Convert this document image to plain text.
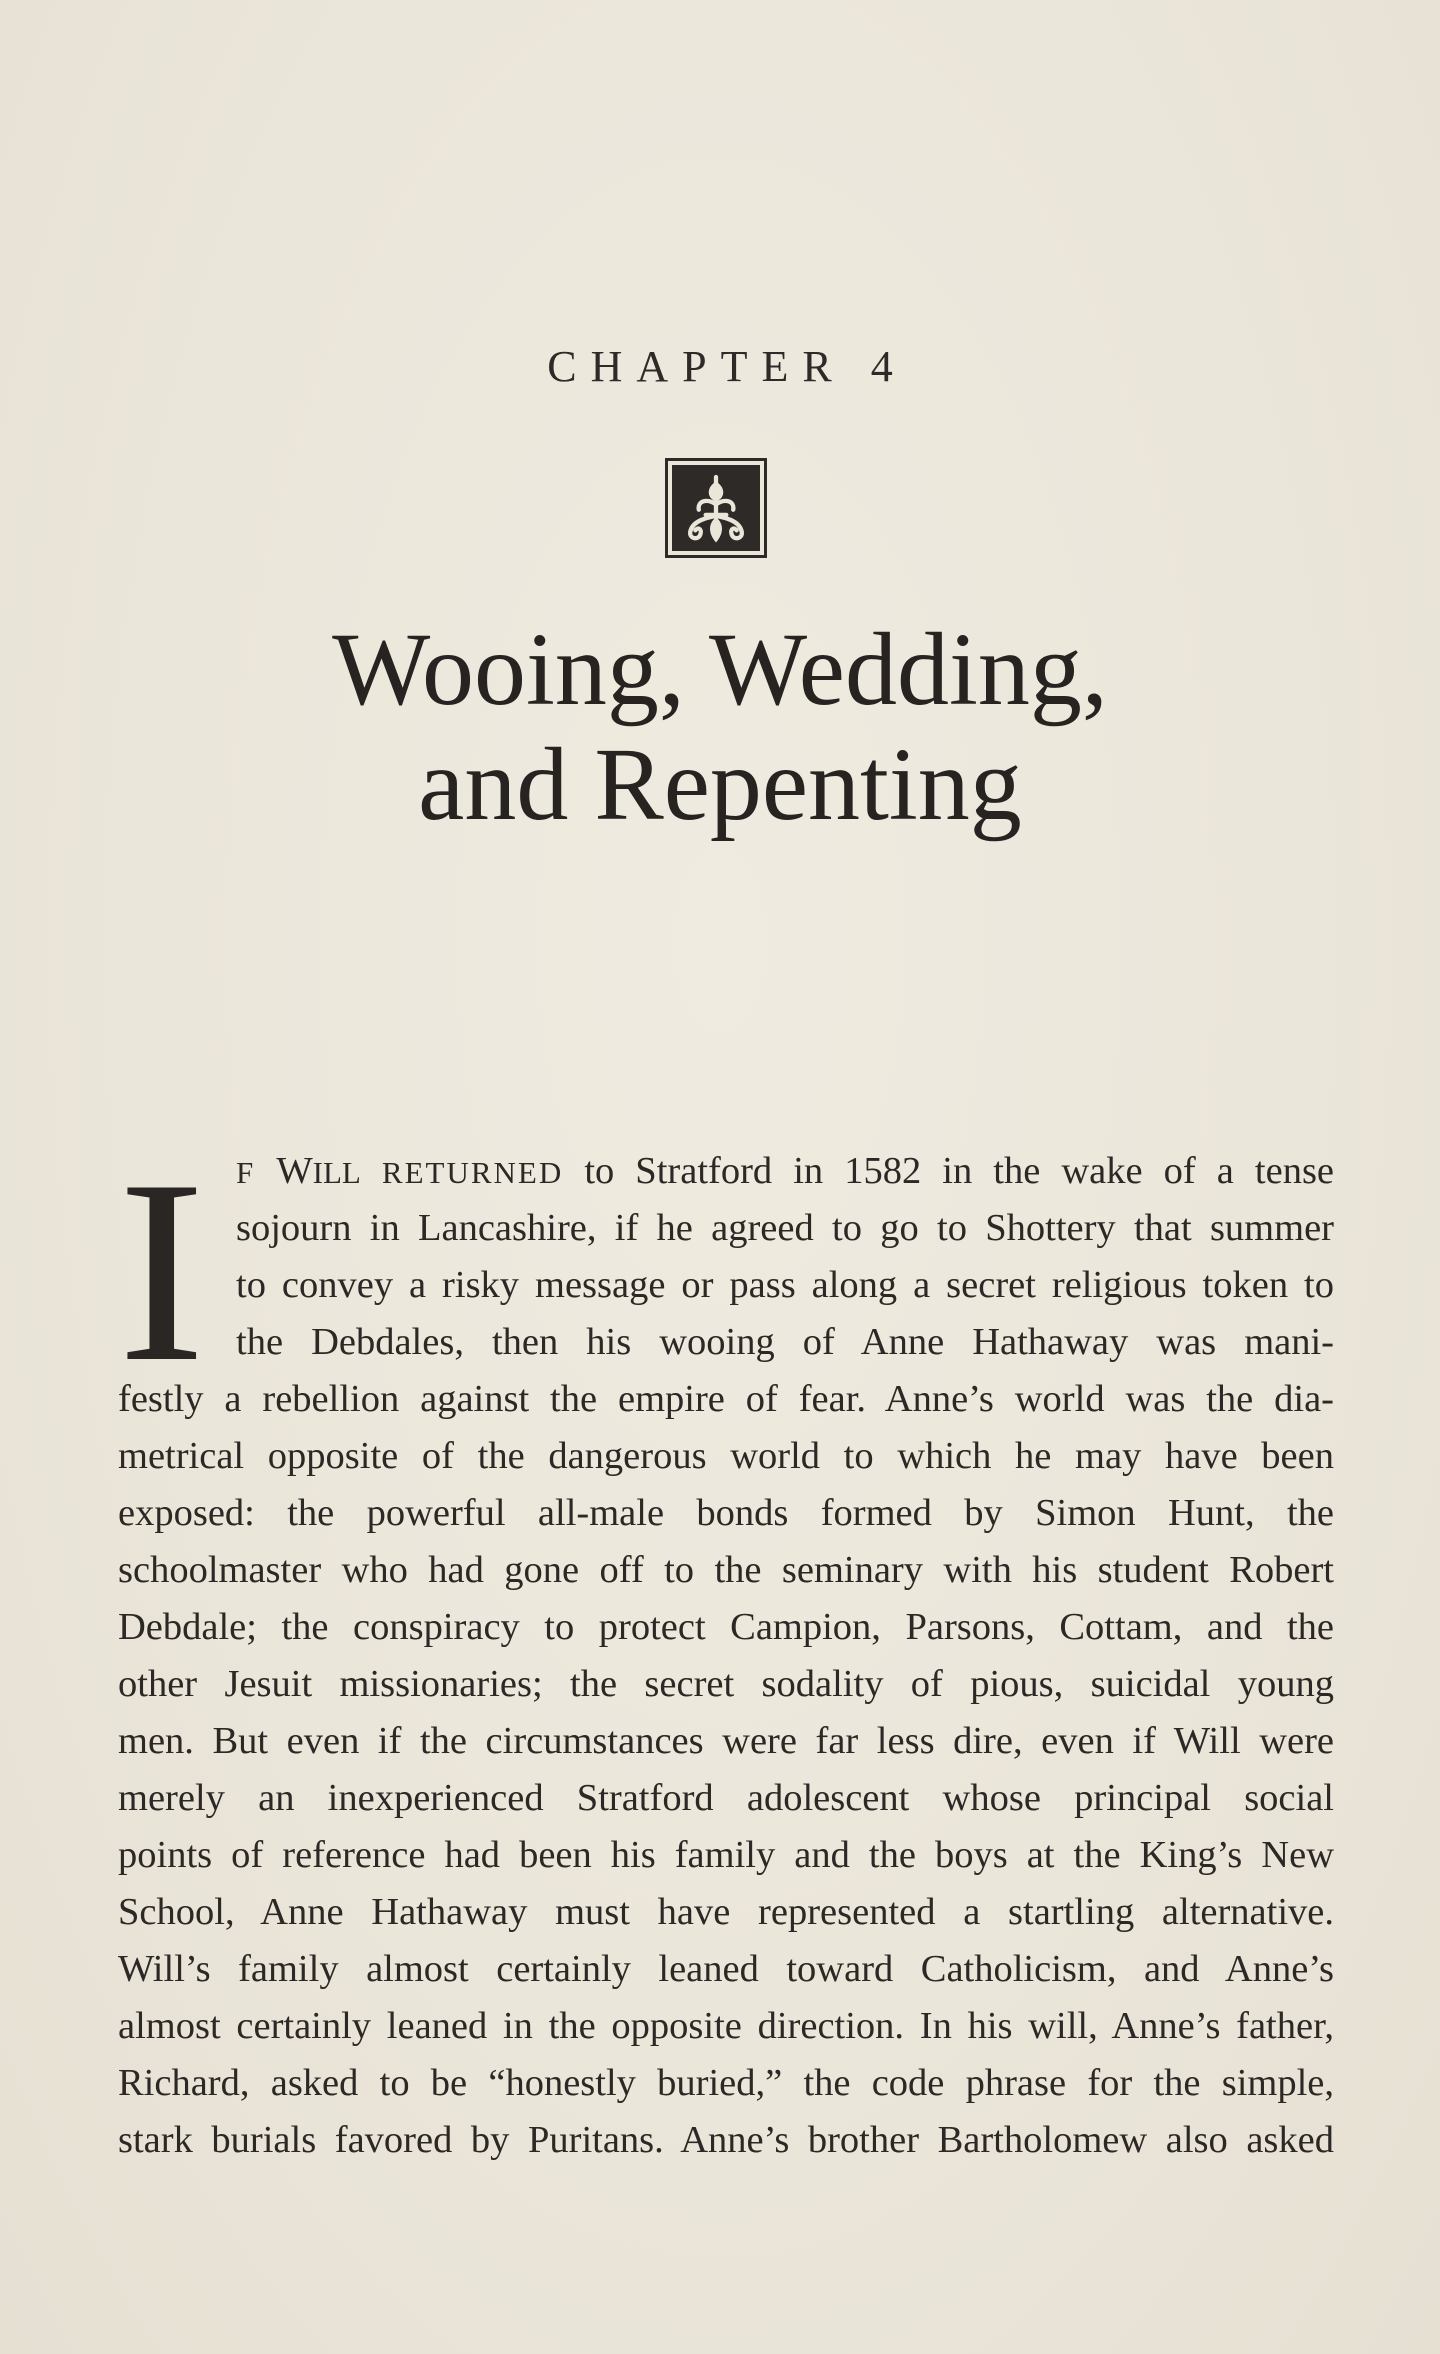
CHAPTER 4
Wooing, Wedding,
and Repenting
I F WILL RETURNED to Stratford in 1582 in the wake of a tense
sojourn in Lancashire, if he agreed to go to Shottery that summer
to convey a risky message or pass along a secret religious token to
the Debdales, then his wooing of Anne Hathaway was mani-
festly a rebellion against the empire of fear. Anne’s world was the dia-
metrical opposite of the dangerous world to which he may have been
exposed: the powerful all-male bonds formed by Simon Hunt, the
schoolmaster who had gone off to the seminary with his student Robert
Debdale; the conspiracy to protect Campion, Parsons, Cottam, and the
other Jesuit missionaries; the secret sodality of pious, suicidal young
men. But even if the circumstances were far less dire, even if Will were
merely an inexperienced Stratford adolescent whose principal social
points of reference had been his family and the boys at the King’s New
School, Anne Hathaway must have represented a startling alternative.
Will’s family almost certainly leaned toward Catholicism, and Anne’s
almost certainly leaned in the opposite direction. In his will, Anne’s father,
Richard, asked to be “honestly buried,” the code phrase for the simple,
stark burials favored by Puritans. Anne’s brother Bartholomew also asked
